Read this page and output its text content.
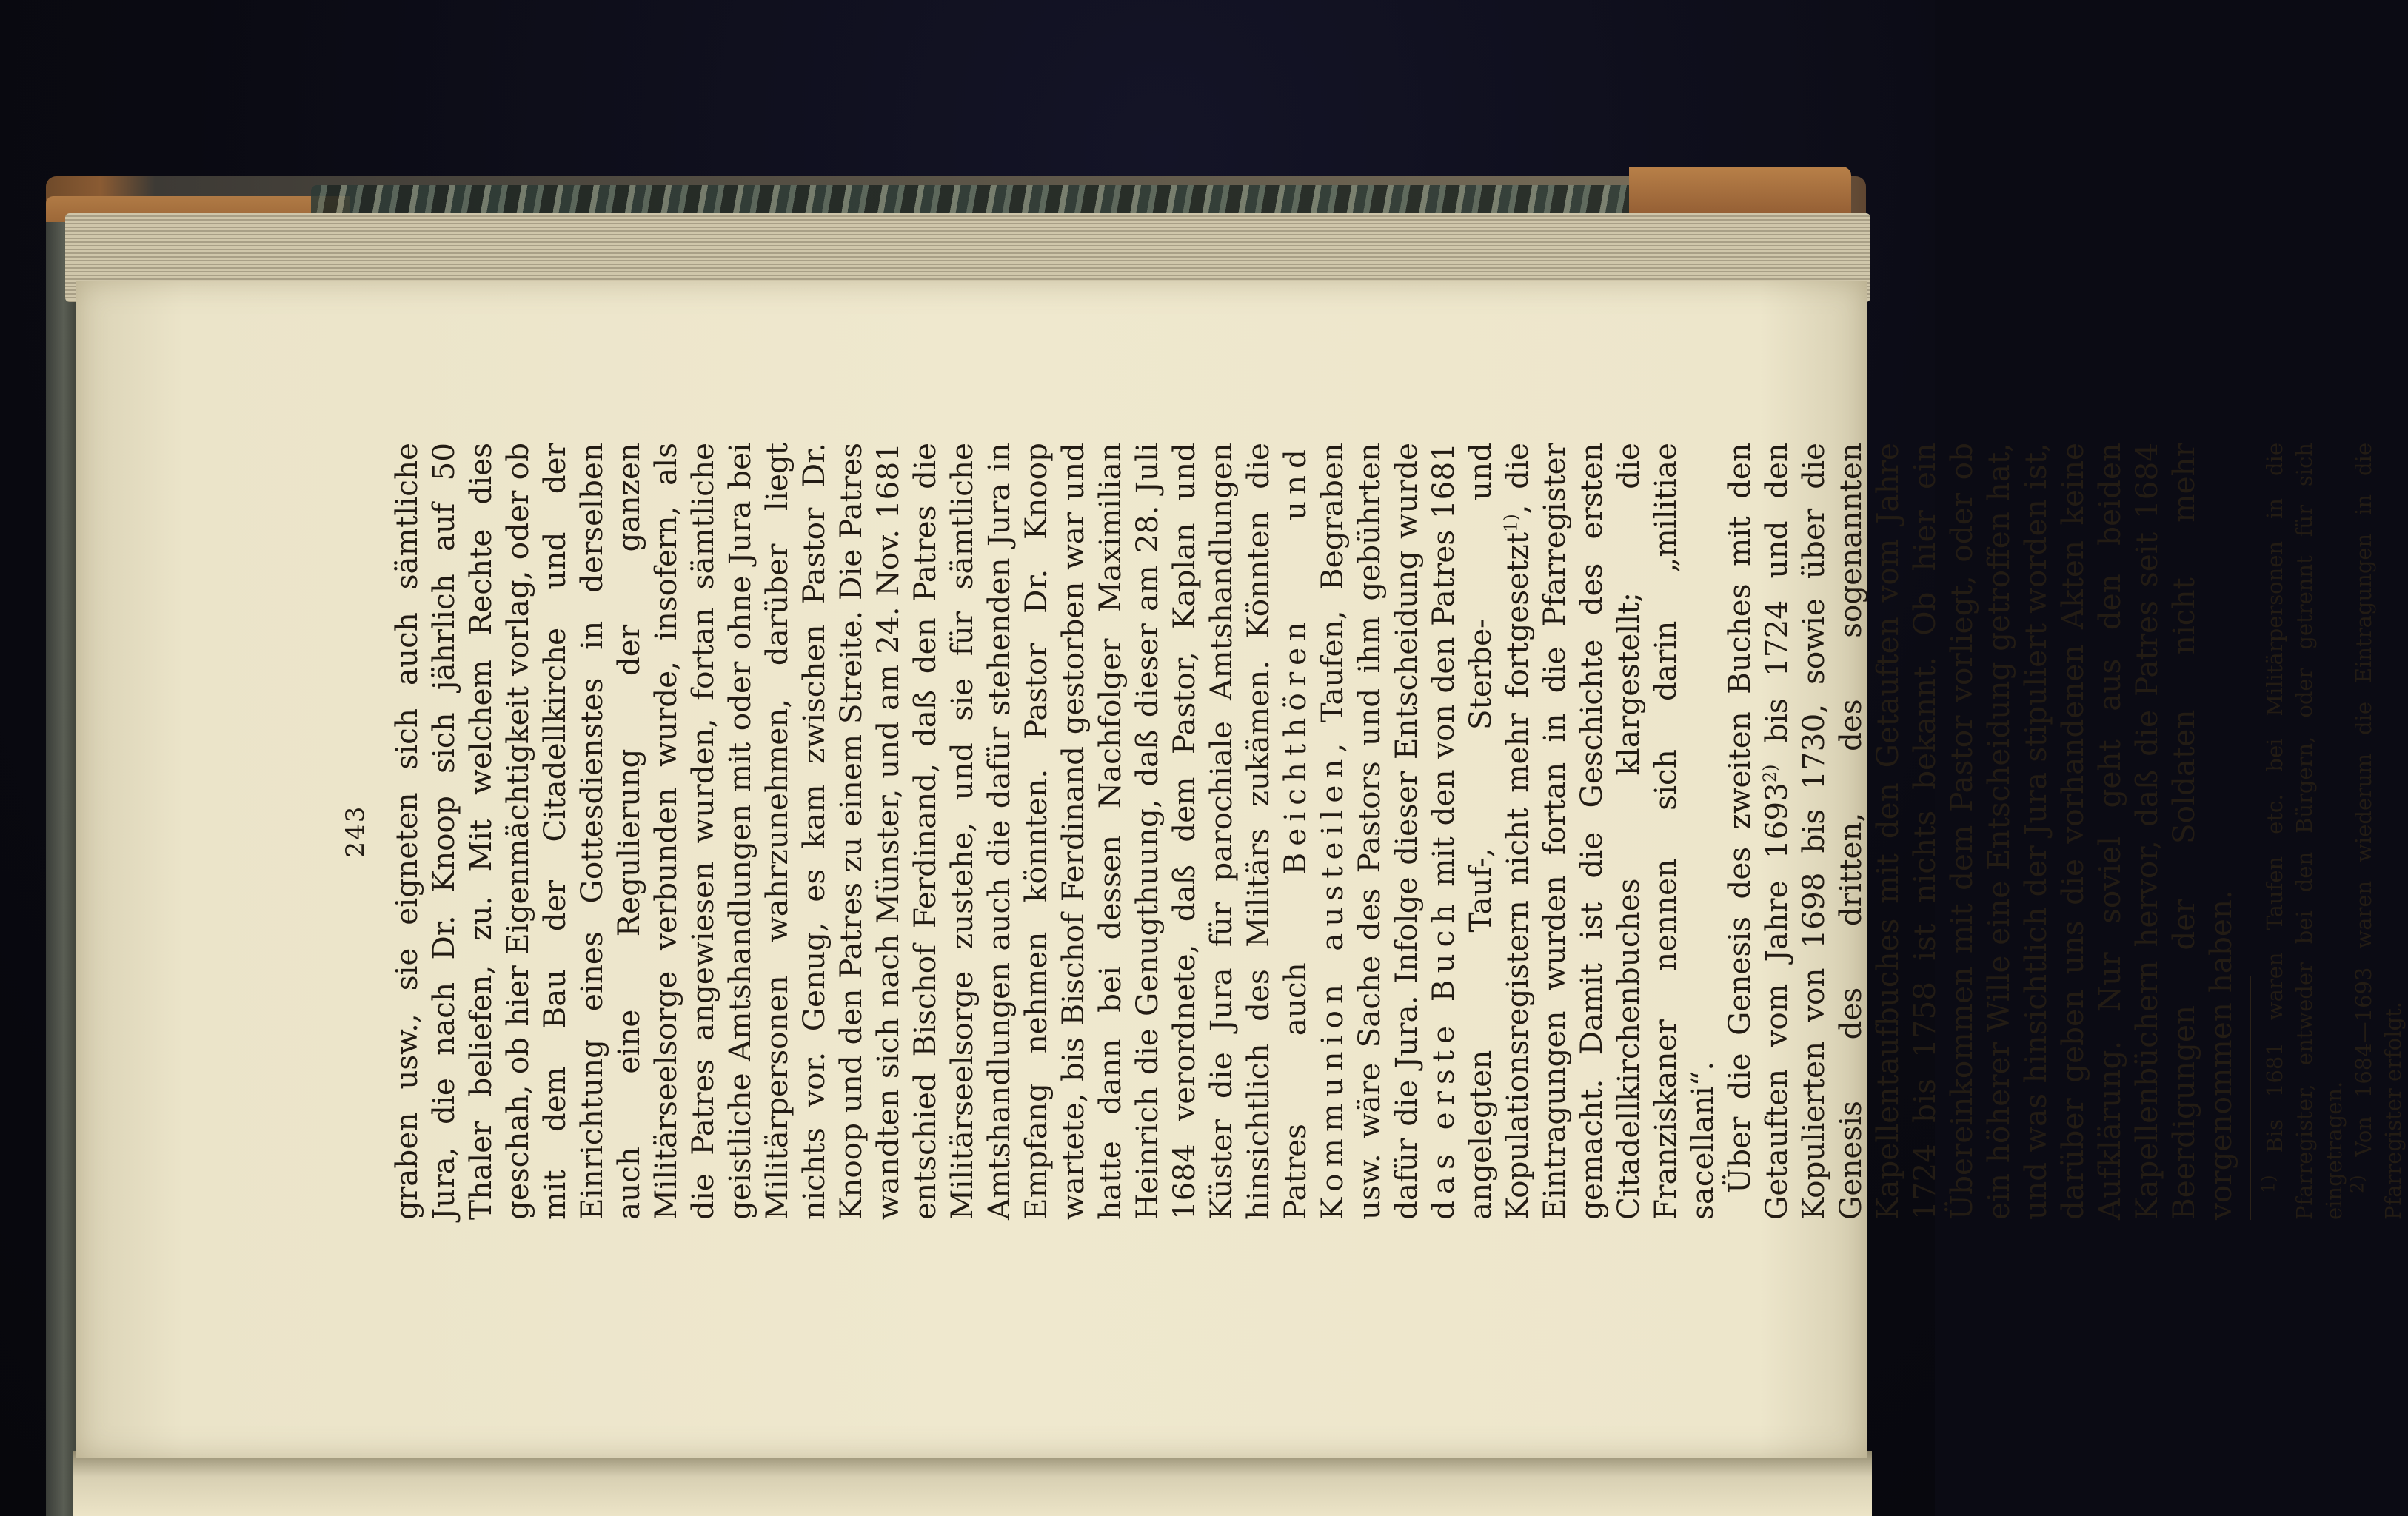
243 graben usw., sie eigneten sich auch sämtliche Jura, die nach Dr. Knoop sich jährlich auf 50 Thaler beliefen, zu. Mit welchem Rechte dies geschah, ob hier Eigenmächtigkeit vorlag, oder ob mit dem Bau der Citadellkirche und der Einrichtung eines Gottesdienstes in derselben auch eine Regulierung der ganzen Militärseelsorge verbunden wurde, insofern, als die Patres angewiesen wurden, fortan sämtliche geistliche Amtshandlungen mit oder ohne Jura bei Militärpersonen wahrzunehmen, darüber liegt nichts vor. Genug, es kam zwischen Pastor Dr. Knoop und den Patres zu einem Streite. Die Patres wandten sich nach Münster, und am 24. Nov. 1681 entschied Bischof Ferdinand, daß den Patres die Militärseelsorge zustehe, und sie für sämtliche Amtshandlungen auch die dafür stehenden Jura in Empfang nehmen könnten. Pastor Dr. Knoop wartete, bis Bischof Ferdinand gestorben war und hatte dann bei dessen Nachfolger Maximilian Heinrich die Genugthuung, daß dieser am 28. Juli 1684 verordnete, daß dem Pastor, Kaplan und Küster die Jura für parochiale Amtshandlungen hinsichtlich des Militärs zukämen. Könnten die Patres auch Beichthören und Kommunion austeilen, Taufen, Begraben usw. wäre Sache des Pastors und ihm gebührten dafür die Jura. Infolge dieser Entscheidung wurde das erste Buch mit den von den Patres 1681 angelegten Tauf-, Sterbe- und Kopulationsregistern nicht mehr fortgesetzt$^{1)}$, die Eintragungen wurden fortan in die Pfarregister gemacht. Damit ist die Geschichte des ersten Citadellkirchenbuches klargestellt; die Franziskaner nennen sich darin „militiae sacellani“. Über die Genesis des zweiten Buches mit den Getauften vom Jahre 1693$^{2)}$ bis 1724 und den Kopulierten von 1698 bis 1730, sowie über die Genesis des dritten, des sogenannten Kapellentaufbuches mit den Getauften vom Jahre 1724 bis 1758 ist nichts bekannt. Ob hier ein Übereinkommen mit dem Pastor vorliegt, oder ob ein höherer Wille eine Entscheidung getroffen hat, und was hinsichtlich der Jura stipuliert worden ist, darüber geben uns die vorhandenen Akten keine Aufklärung. Nur soviel geht aus den beiden Kapellenbüchern hervor, daß die Patres seit 1684 Beerdigungen der Soldaten nicht mehr vorgenommen haben. $^{1)}$ Bis 1681 waren Taufen etc. bei Militärpersonen in die Pfarregister, entweder bei den Bürgern, oder getrennt für sich eingetragen. $^{2)}$ Von 1684—1693 waren wiederum die Eintragungen in die Pfarregister erfolgt.
